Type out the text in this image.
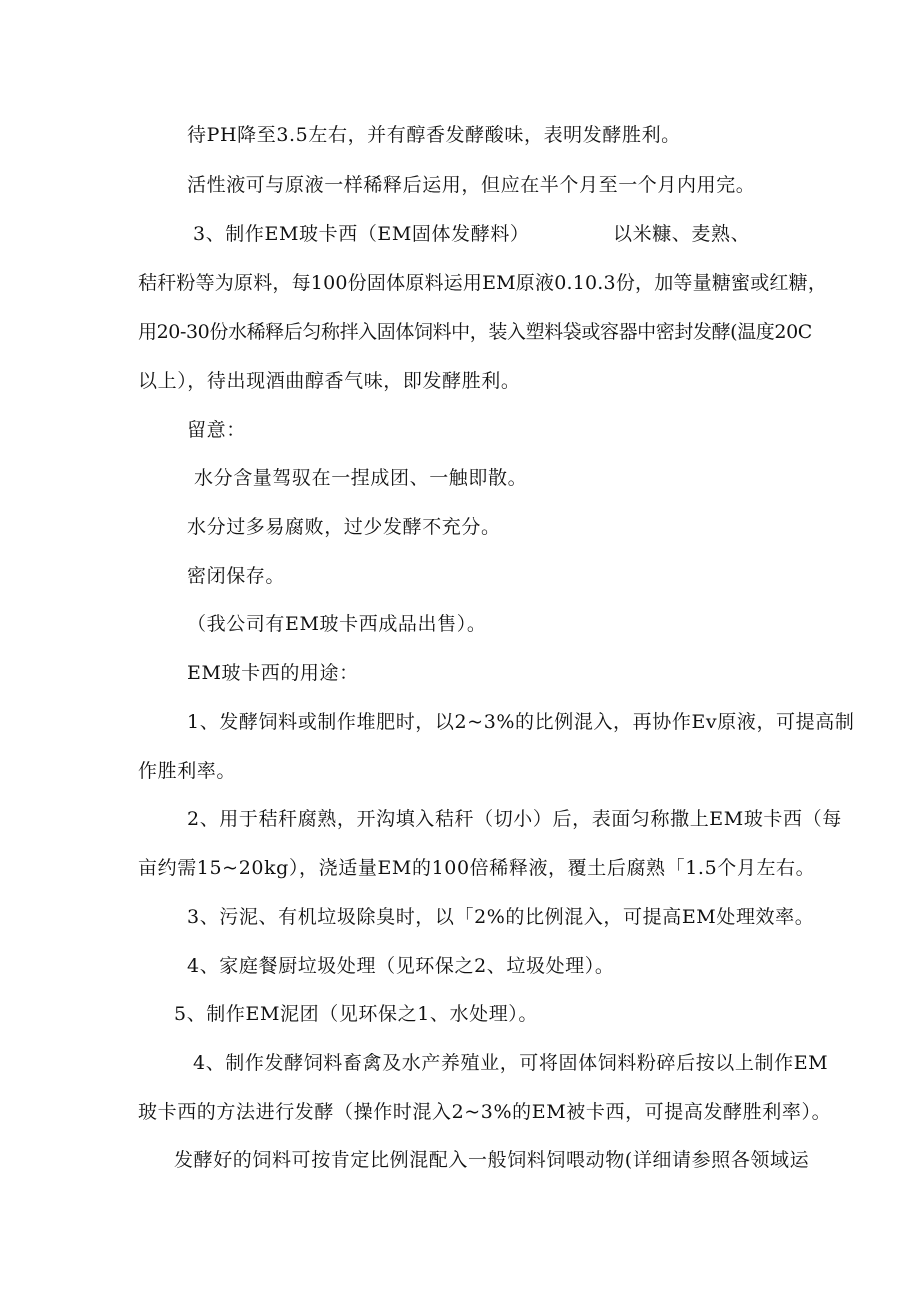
待PH降至3.5左右，并有醇香发酵酸味，表明发酵胜利。
活性液可与原液一样稀释后运用，但应在半个月至一个月内用完。
3、制作EM玻卡西（EM固体发酵料）	以米糠、麦熟、
秸秆粉等为原料，每100份固体原料运用EM原液0.10.3份，加等量糖蜜或红糖，
用20-30份水稀释后匀称拌入固体饲料中，装入塑料袋或容器中密封发酵(温度20C
以上），待出现酒曲醇香气味，即发酵胜利。
留意：
水分含量驾驭在一捏成团、一触即散。
水分过多易腐败，过少发酵不充分。
密闭保存。
（我公司有EM玻卡西成品出售）。
EM玻卡西的用途：
1、发酵饲料或制作堆肥时，以2~3%的比例混入，再协作Ev原液，可提高制
作胜利率。
2、用于秸秆腐熟，开沟填入秸秆（切小）后，表面匀称撒上EM玻卡西（每
亩约需15~20kg），浇适量EM的100倍稀释液，覆土后腐熟「1.5个月左右。
3、污泥、有机垃圾除臭时，以「2%的比例混入，可提高EM处理效率。
4、家庭餐厨垃圾处理（见环保之2、垃圾处理）。
5、制作EM泥团（见环保之1、水处理）。
4、制作发酵饲料畜禽及水产养殖业，可将固体饲料粉碎后按以上制作EM
玻卡西的方法进行发酵（操作时混入2~3%的EM被卡西，可提高发酵胜利率）。
发酵好的饲料可按肯定比例混配入一般饲料饲喂动物(详细请参照各领域运
